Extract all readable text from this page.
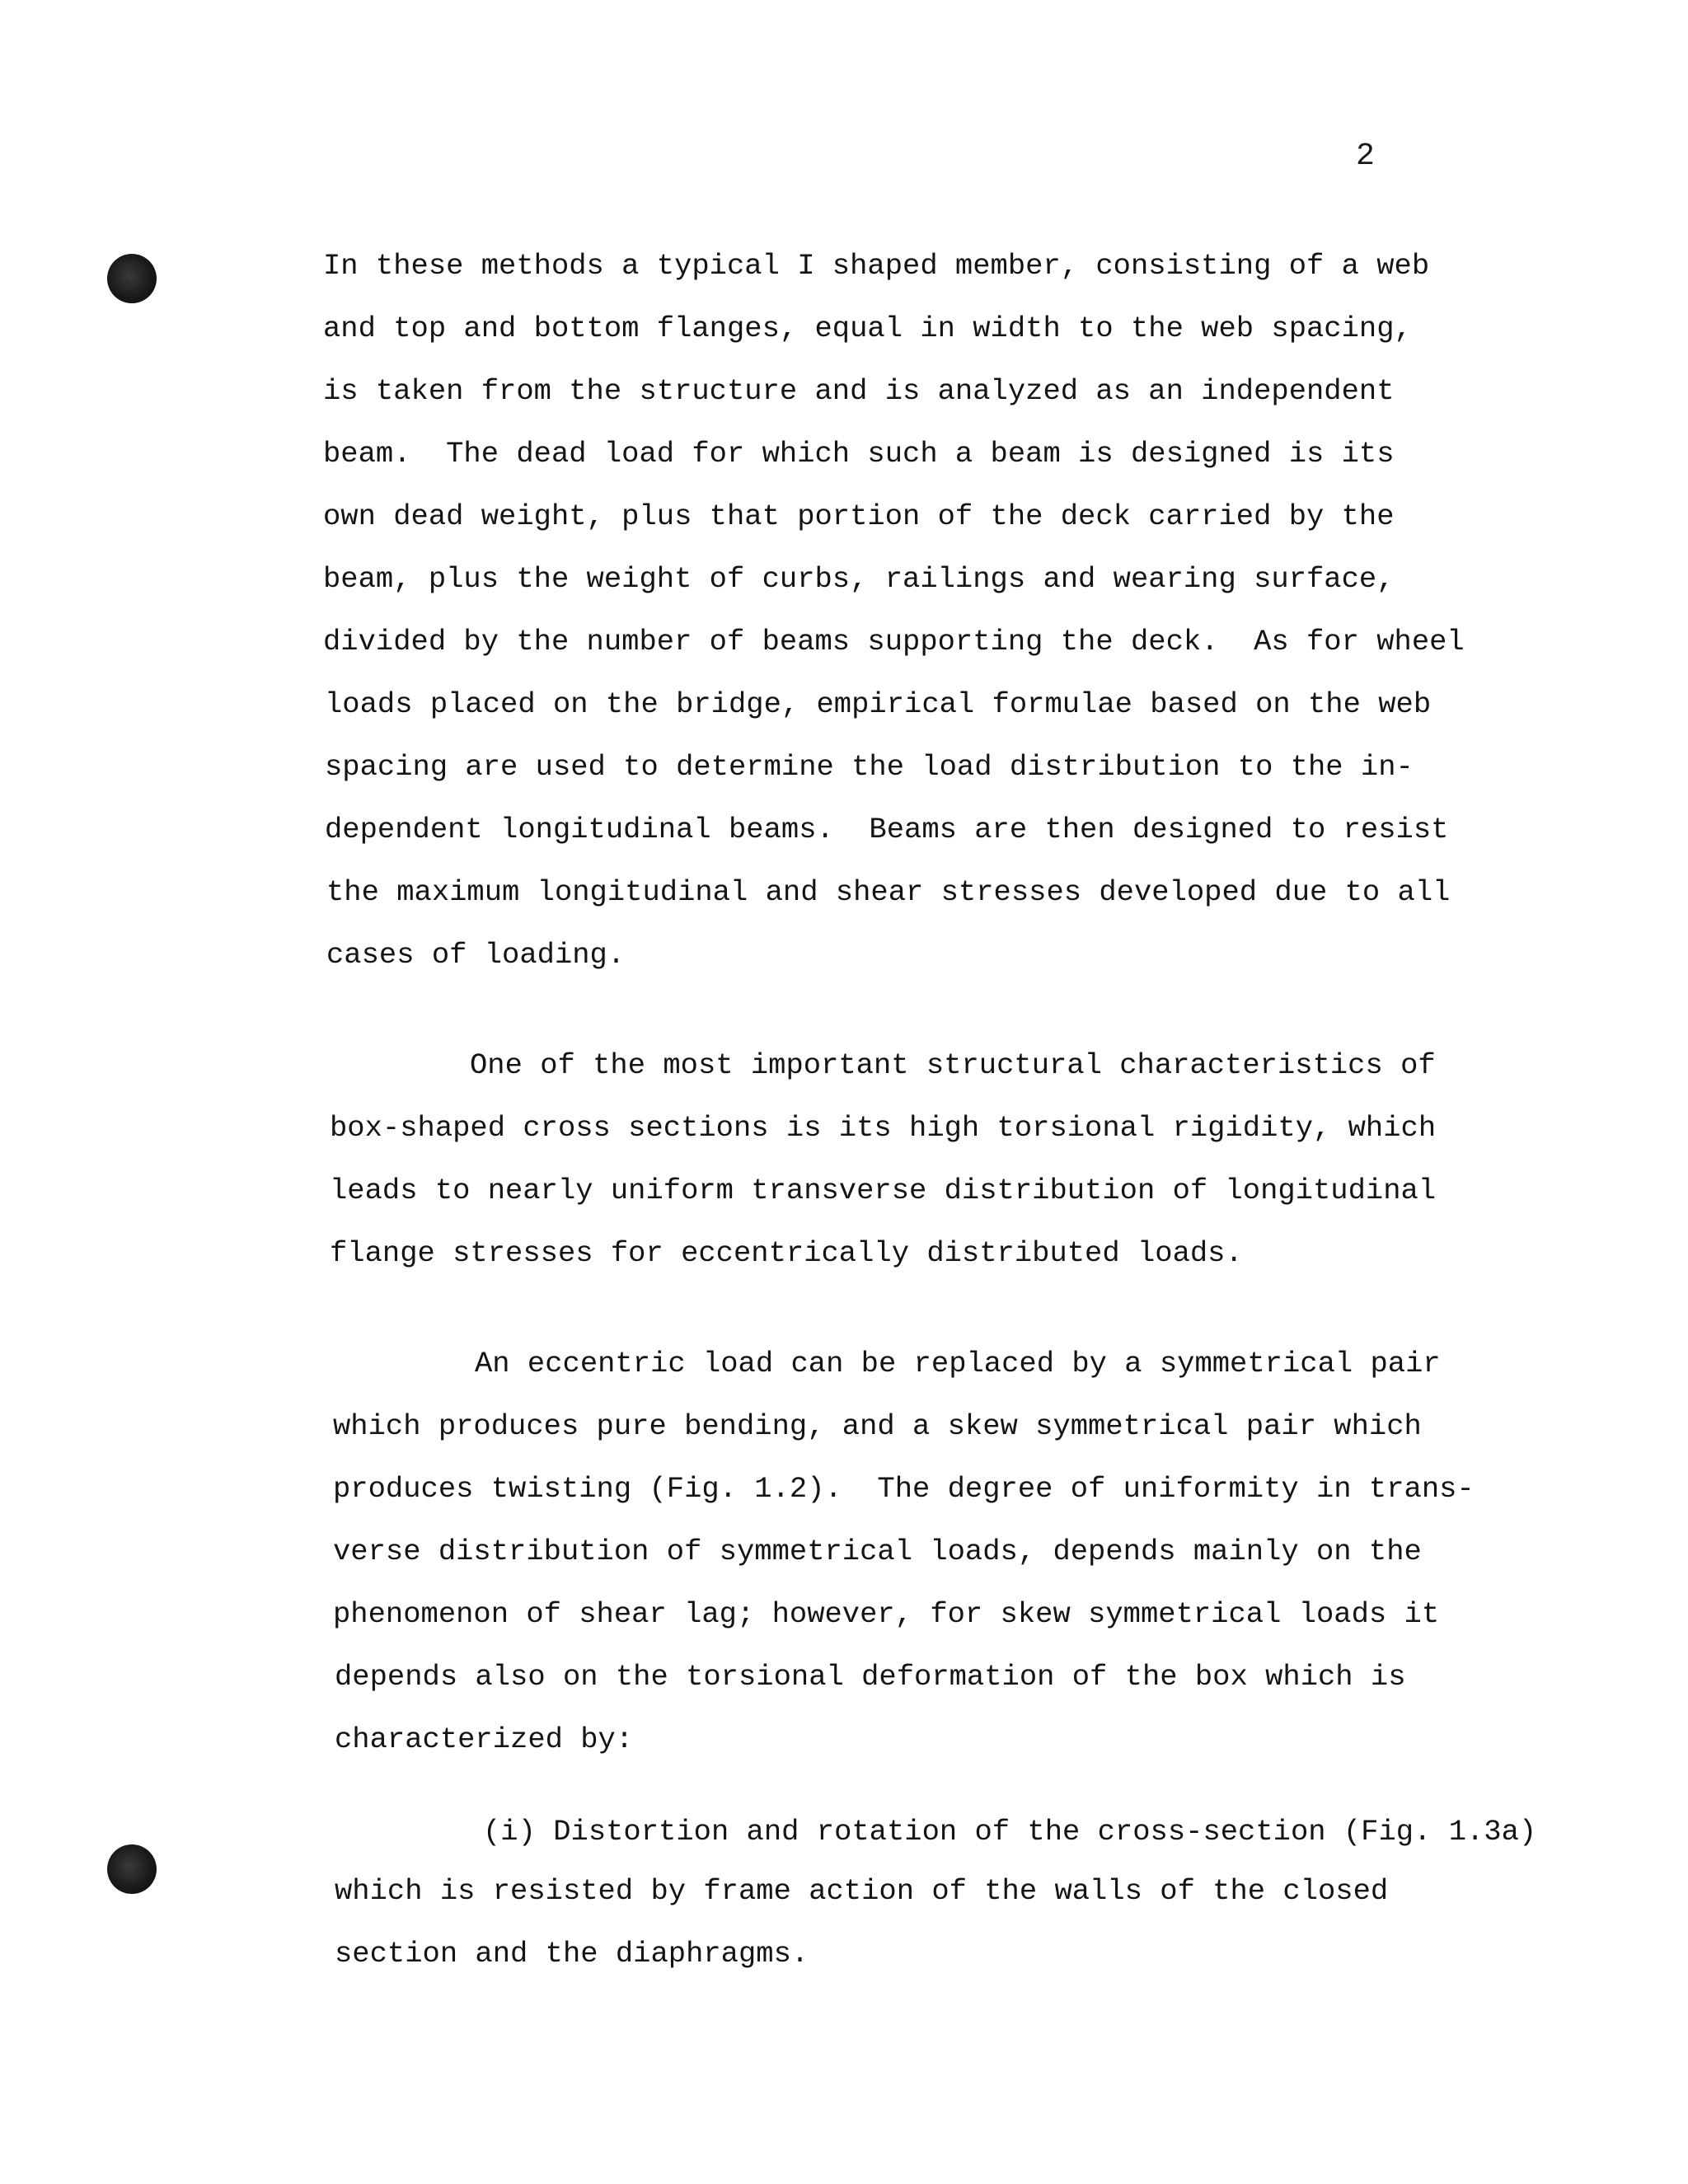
2
In these methods a typical I shaped member, consisting of a web
and top and bottom flanges, equal in width to the web spacing,
is taken from the structure and is analyzed as an independent
beam.  The dead load for which such a beam is designed is its
own dead weight, plus that portion of the deck carried by the
beam, plus the weight of curbs, railings and wearing surface,
divided by the number of beams supporting the deck.  As for wheel
loads placed on the bridge, empirical formulae based on the web
spacing are used to determine the load distribution to the in-
dependent longitudinal beams.  Beams are then designed to resist
the maximum longitudinal and shear stresses developed due to all
cases of loading.
One of the most important structural characteristics of
box-shaped cross sections is its high torsional rigidity, which
leads to nearly uniform transverse distribution of longitudinal
flange stresses for eccentrically distributed loads.
An eccentric load can be replaced by a symmetrical pair
which produces pure bending, and a skew symmetrical pair which
produces twisting (Fig. 1.2).  The degree of uniformity in trans-
verse distribution of symmetrical loads, depends mainly on the
phenomenon of shear lag; however, for skew symmetrical loads it
depends also on the torsional deformation of the box which is
characterized by:
(i) Distortion and rotation of the cross-section (Fig. 1.3a)
which is resisted by frame action of the walls of the closed
section and the diaphragms.
